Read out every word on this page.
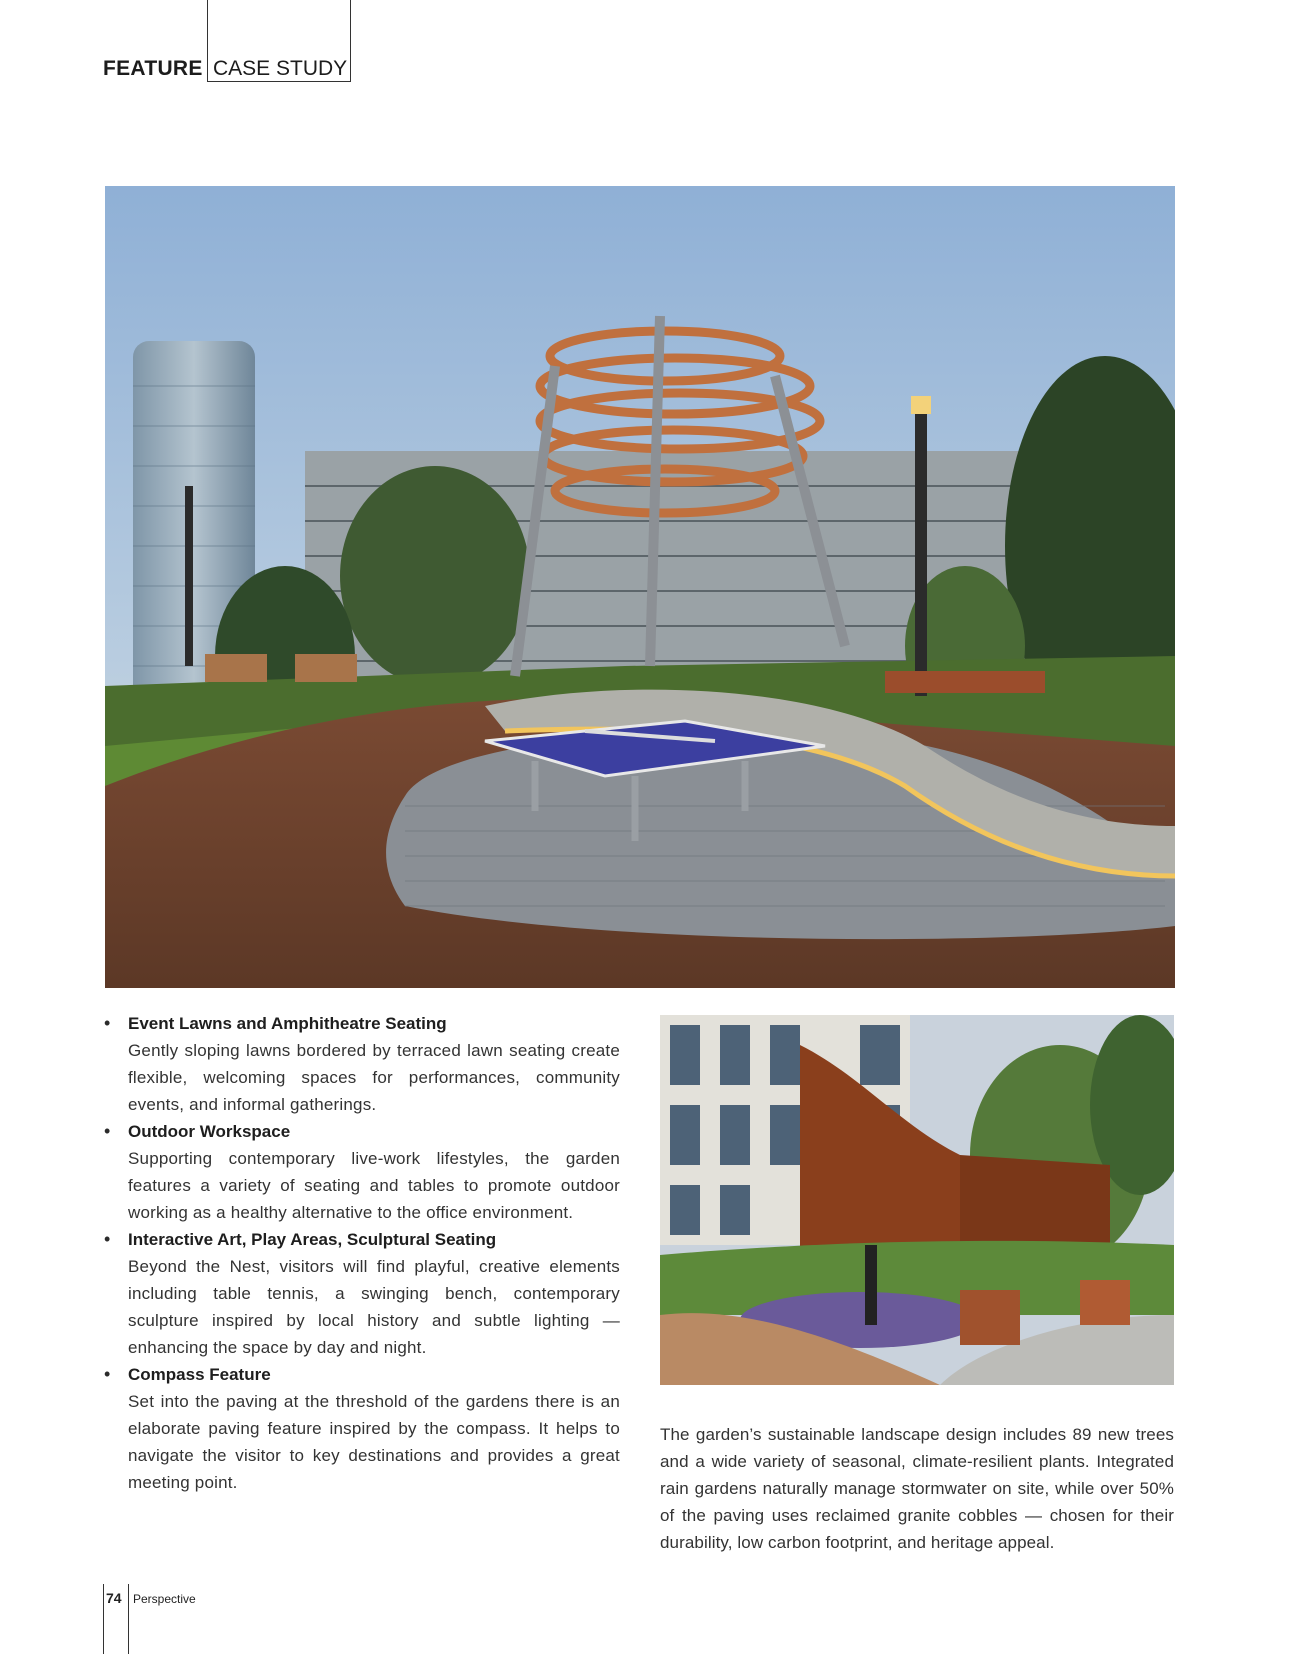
FEATURE CASE STUDY
• Event Lawns and Amphitheatre Seating
Gently sloping lawns bordered by terraced lawn seating create flexible, welcoming spaces for performances, community events, and informal gatherings.
• Outdoor Workspace
Supporting contemporary live-work lifestyles, the garden features a variety of seating and tables to promote outdoor working as a healthy alternative to the office environment.
• Interactive Art, Play Areas, Sculptural Seating
Beyond the Nest, visitors will find playful, creative elements including table tennis, a swinging bench, contemporary sculpture inspired by local history and subtle lighting — enhancing the space by day and night.
• Compass Feature
Set into the paving at the threshold of the gardens there is an elaborate paving feature inspired by the compass. It helps to navigate the visitor to key destinations and provides a great meeting point.
The garden’s sustainable landscape design includes 89 new trees and a wide variety of seasonal, climate-resilient plants. Integrated rain gardens naturally manage stormwater on site, while over 50% of the paving uses reclaimed granite cobbles — chosen for their durability, low carbon footprint, and heritage appeal.
74 Perspective
